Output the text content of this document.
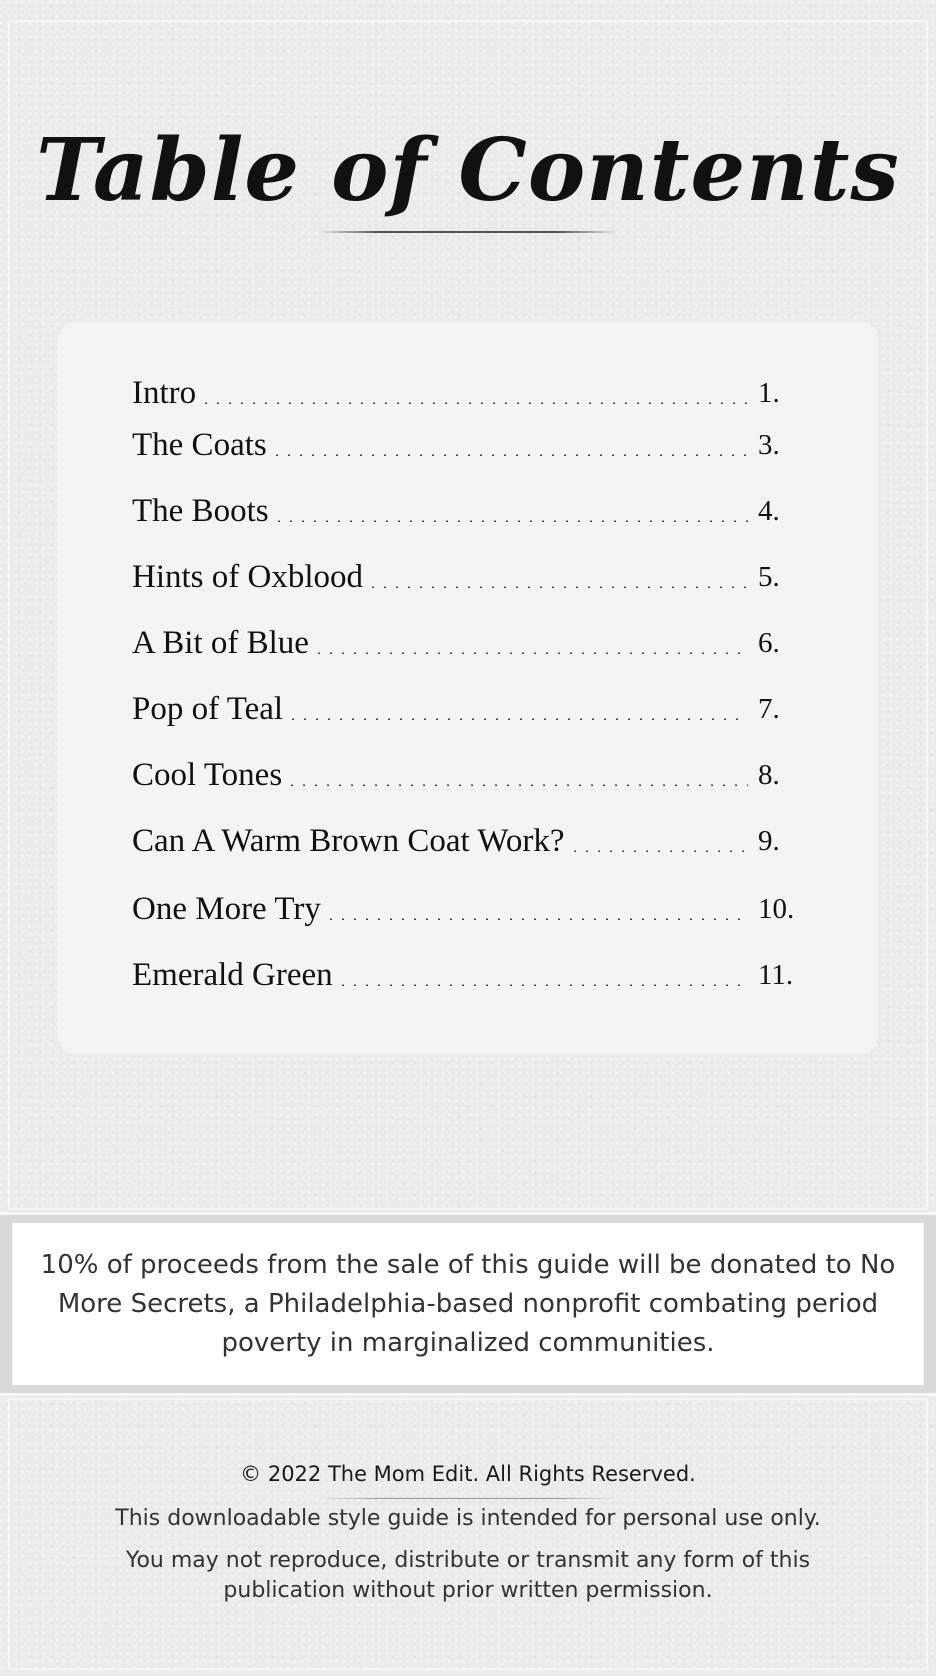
Table of Contents
Intro	1.
The Coats	3.
The Boots	4.
Hints of Oxblood	5.
A Bit of Blue	6.
Pop of Teal	7.
Cool Tones	8.
Can A Warm Brown Coat Work?	9.
One More Try	10.
Emerald Green	11.

10% of proceeds from the sale of this guide will be donated to No More Secrets, a Philadelphia-based nonprofit combating period poverty in marginalized communities.

© 2022 The Mom Edit. All Rights Reserved.
This downloadable style guide is intended for personal use only.
You may not reproduce, distribute or transmit any form of this publication without prior written permission.
